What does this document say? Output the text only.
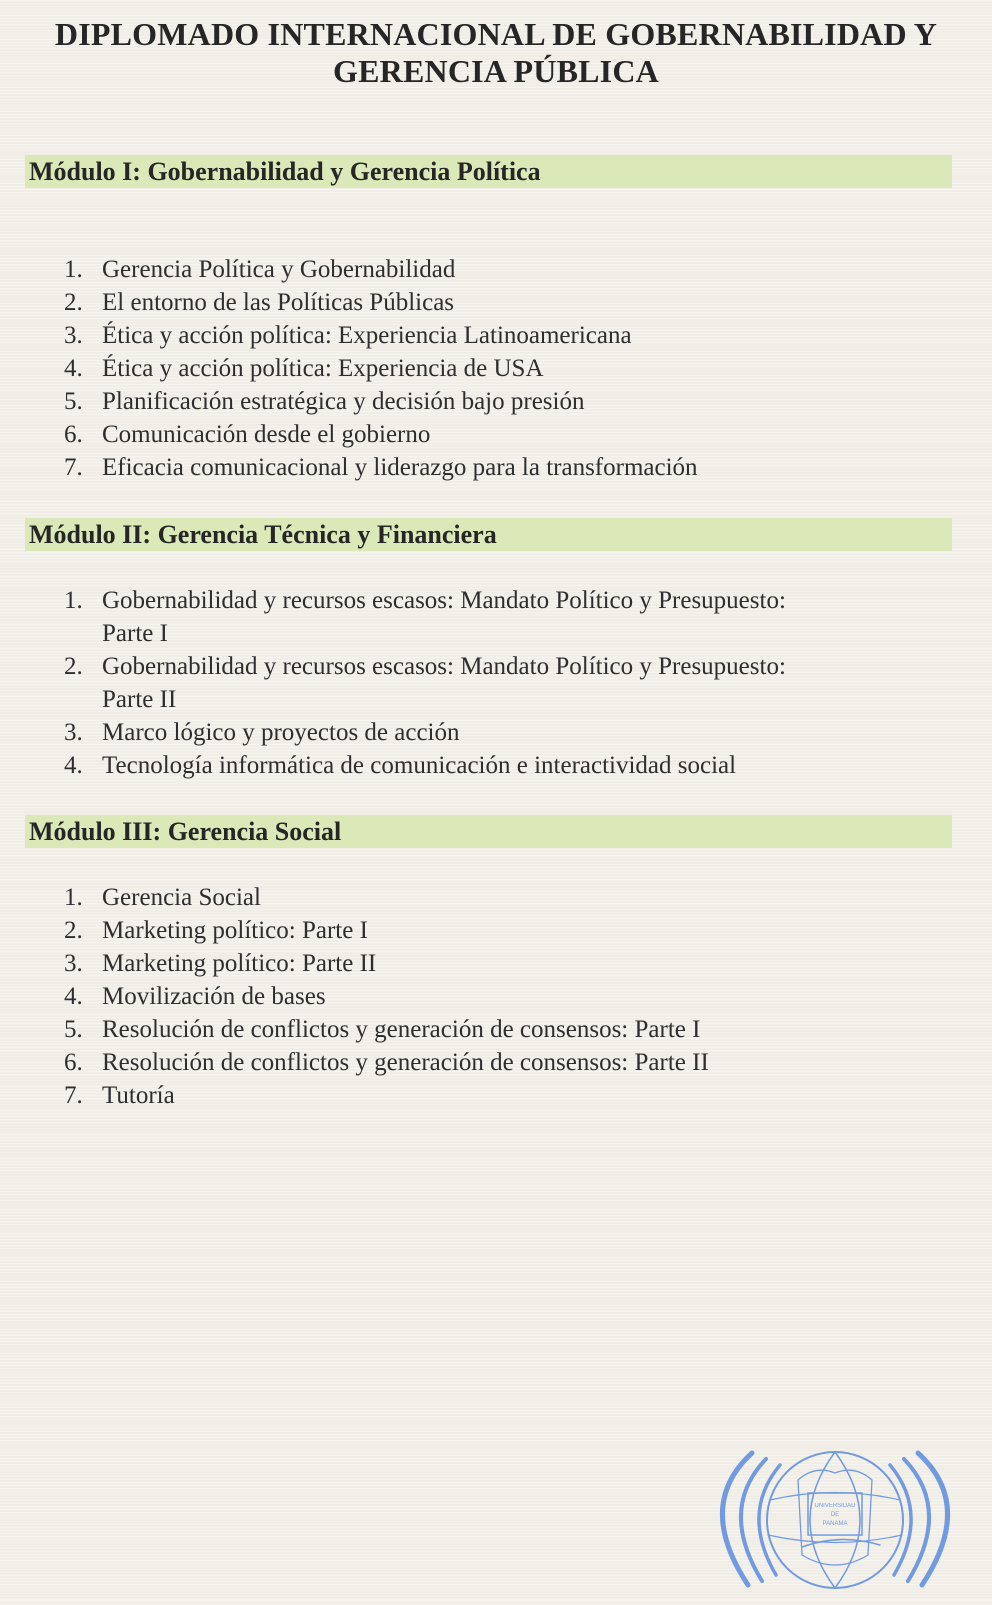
DIPLOMADO INTERNACIONAL DE GOBERNABILIDAD Y
GERENCIA PÚBLICA
Módulo I: Gobernabilidad y Gerencia Política
1. Gerencia Política y Gobernabilidad
2. El entorno de las Políticas Públicas
3. Ética y acción política: Experiencia Latinoamericana
4. Ética y acción política: Experiencia de USA
5. Planificación estratégica y decisión bajo presión
6. Comunicación desde el gobierno
7. Eficacia comunicacional y liderazgo para la transformación
Módulo II: Gerencia Técnica y Financiera
1. Gobernabilidad y recursos escasos: Mandato Político y Presupuesto:
Parte I
2. Gobernabilidad y recursos escasos: Mandato Político y Presupuesto:
Parte II
3. Marco lógico y proyectos de acción
4. Tecnología informática de comunicación e interactividad social
Módulo III: Gerencia Social
1. Gerencia Social
2. Marketing político: Parte I
3. Marketing político: Parte II
4. Movilización de bases
5. Resolución de conflictos y generación de consensos: Parte I
6. Resolución de conflictos y generación de consensos: Parte II
7. Tutoría
UNIVERSIDAD
DE
PANAMA
